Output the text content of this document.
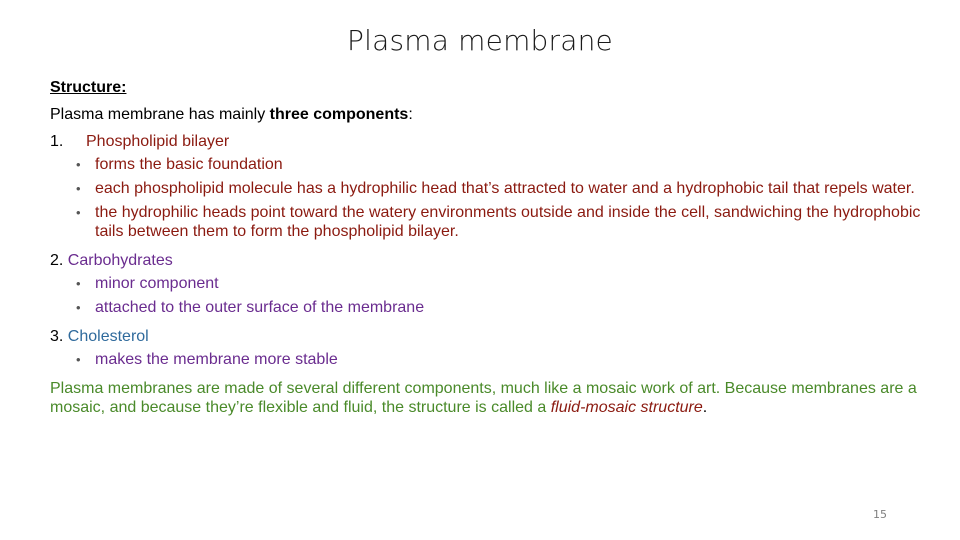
Plasma membrane

Structure:

Plasma membrane has mainly three components:

1.	Phospholipid bilayer
• forms the basic foundation
• each phospholipid molecule has a hydrophilic head that’s attracted to water and a hydrophobic tail that repels water.
• the hydrophilic heads point toward the watery environments outside and inside the cell, sandwiching the hydrophobic tails between them to form the phospholipid bilayer.
2. Carbohydrates
• minor component
• attached to the outer surface of the membrane
3. Cholesterol
• makes the membrane more stable

Plasma membranes are made of several different components, much like a mosaic work of art. Because membranes are a mosaic, and because they’re flexible and fluid, the structure is called a fluid-mosaic structure.

15
